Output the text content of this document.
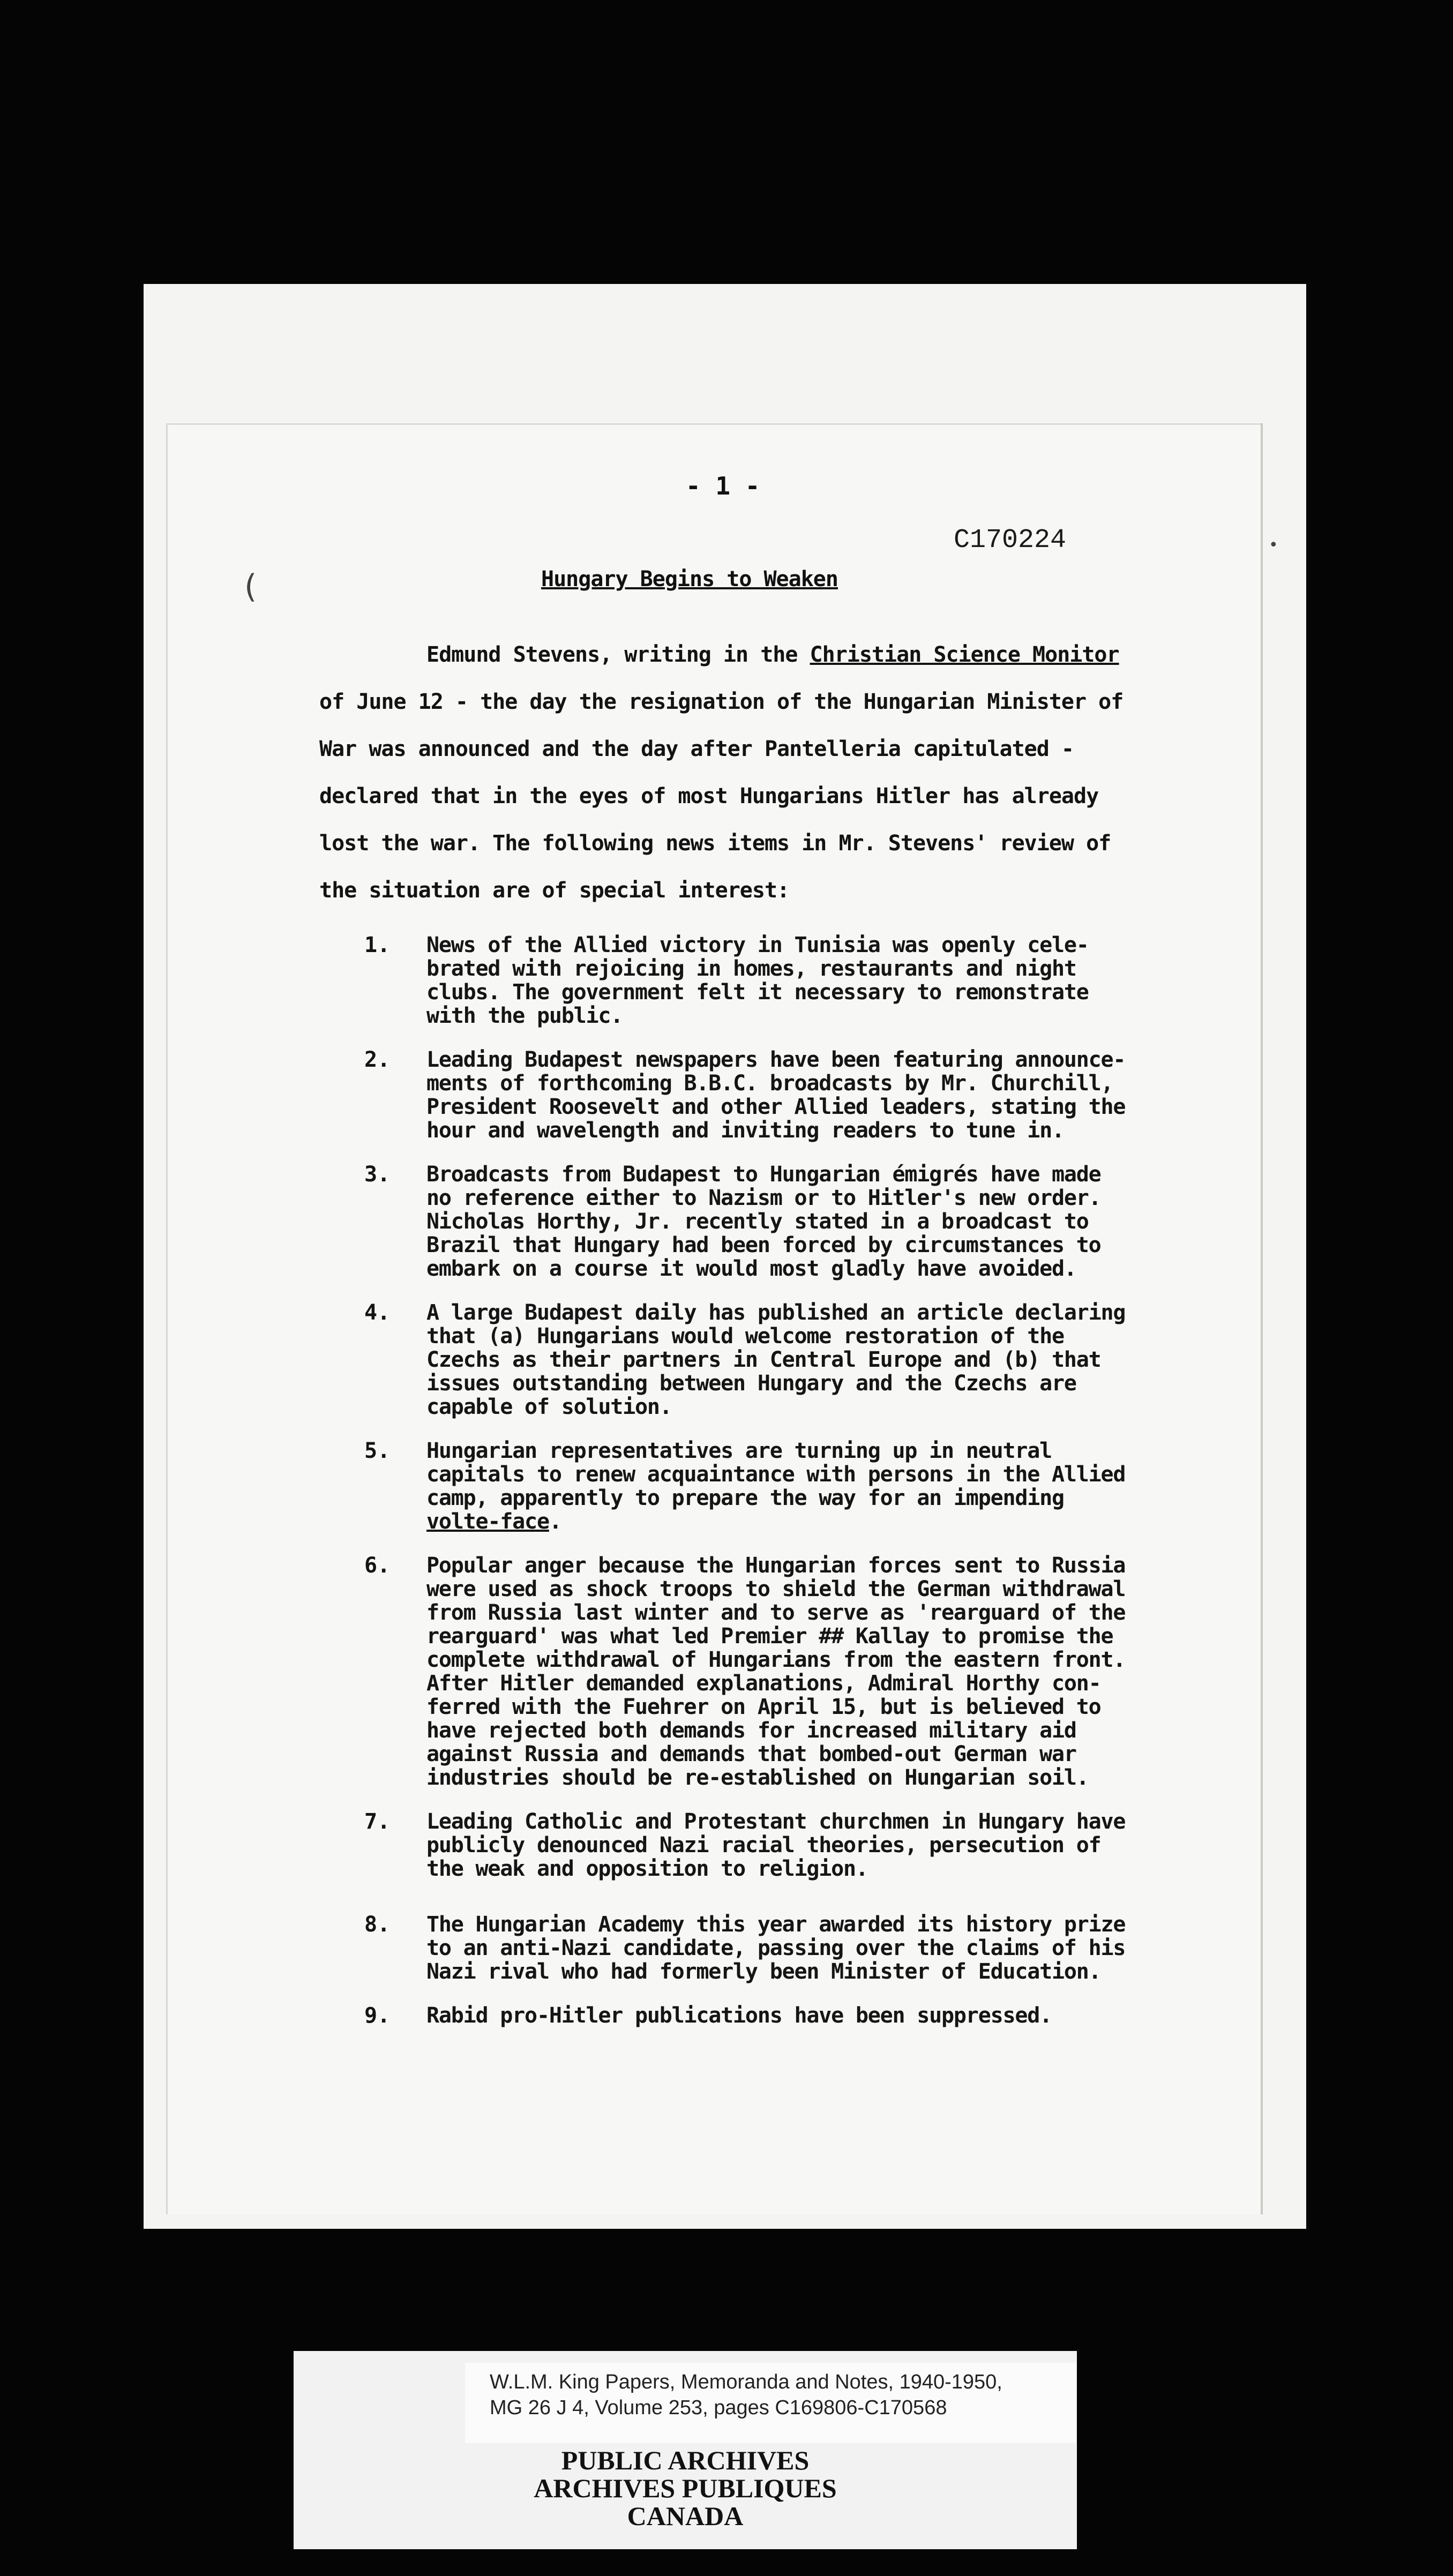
(
•
- 1 -
C170224
Hungary Begins to Weaken

Edmund Stevens, writing in the Christian Science Monitor

of June 12 - the day the resignation of the Hungarian Minister of

War was announced and the day after Pantelleria capitulated -

declared that in the eyes of most Hungarians Hitler has already

lost the war. The following news items in Mr. Stevens' review of

the situation are of special interest:

1.	News of the Allied victory in Tunisia was openly cele-
brated with rejoicing in homes, restaurants and night
clubs. The government felt it necessary to remonstrate
with the public.
2.	Leading Budapest newspapers have been featuring announce-
ments of forthcoming B.B.C. broadcasts by Mr. Churchill,
President Roosevelt and other Allied leaders, stating the
hour and wavelength and inviting readers to tune in.
3.	Broadcasts from Budapest to Hungarian émigrés have made
no reference either to Nazism or to Hitler's new order.
Nicholas Horthy, Jr. recently stated in a broadcast to
Brazil that Hungary had been forced by circumstances to
embark on a course it would most gladly have avoided.
4.	A large Budapest daily has published an article declaring
that (a) Hungarians would welcome restoration of the
Czechs as their partners in Central Europe and (b) that
issues outstanding between Hungary and the Czechs are
capable of solution.
5.	Hungarian representatives are turning up in neutral
capitals to renew acquaintance with persons in the Allied
camp, apparently to prepare the way for an impending
volte-face.
6.	Popular anger because the Hungarian forces sent to Russia
were used as shock troops to shield the German withdrawal
from Russia last winter and to serve as 'rearguard of the
rearguard' was what led Premier ## Kallay to promise the
complete withdrawal of Hungarians from the eastern front.
After Hitler demanded explanations, Admiral Horthy con-
ferred with the Fuehrer on April 15, but is believed to
have rejected both demands for increased military aid
against Russia and demands that bombed-out German war
industries should be re-established on Hungarian soil.
7.	Leading Catholic and Protestant churchmen in Hungary have
publicly denounced Nazi racial theories, persecution of
the weak and opposition to religion.
8.	The Hungarian Academy this year awarded its history prize
to an anti-Nazi candidate, passing over the claims of his
Nazi rival who had formerly been Minister of Education.
9.	Rabid pro-Hitler publications have been suppressed.
W.L.M. King Papers, Memoranda and Notes, 1940-1950,
MG 26 J 4, Volume 253, pages C169806-C170568
PUBLIC ARCHIVES
ARCHIVES PUBLIQUES
CANADA
